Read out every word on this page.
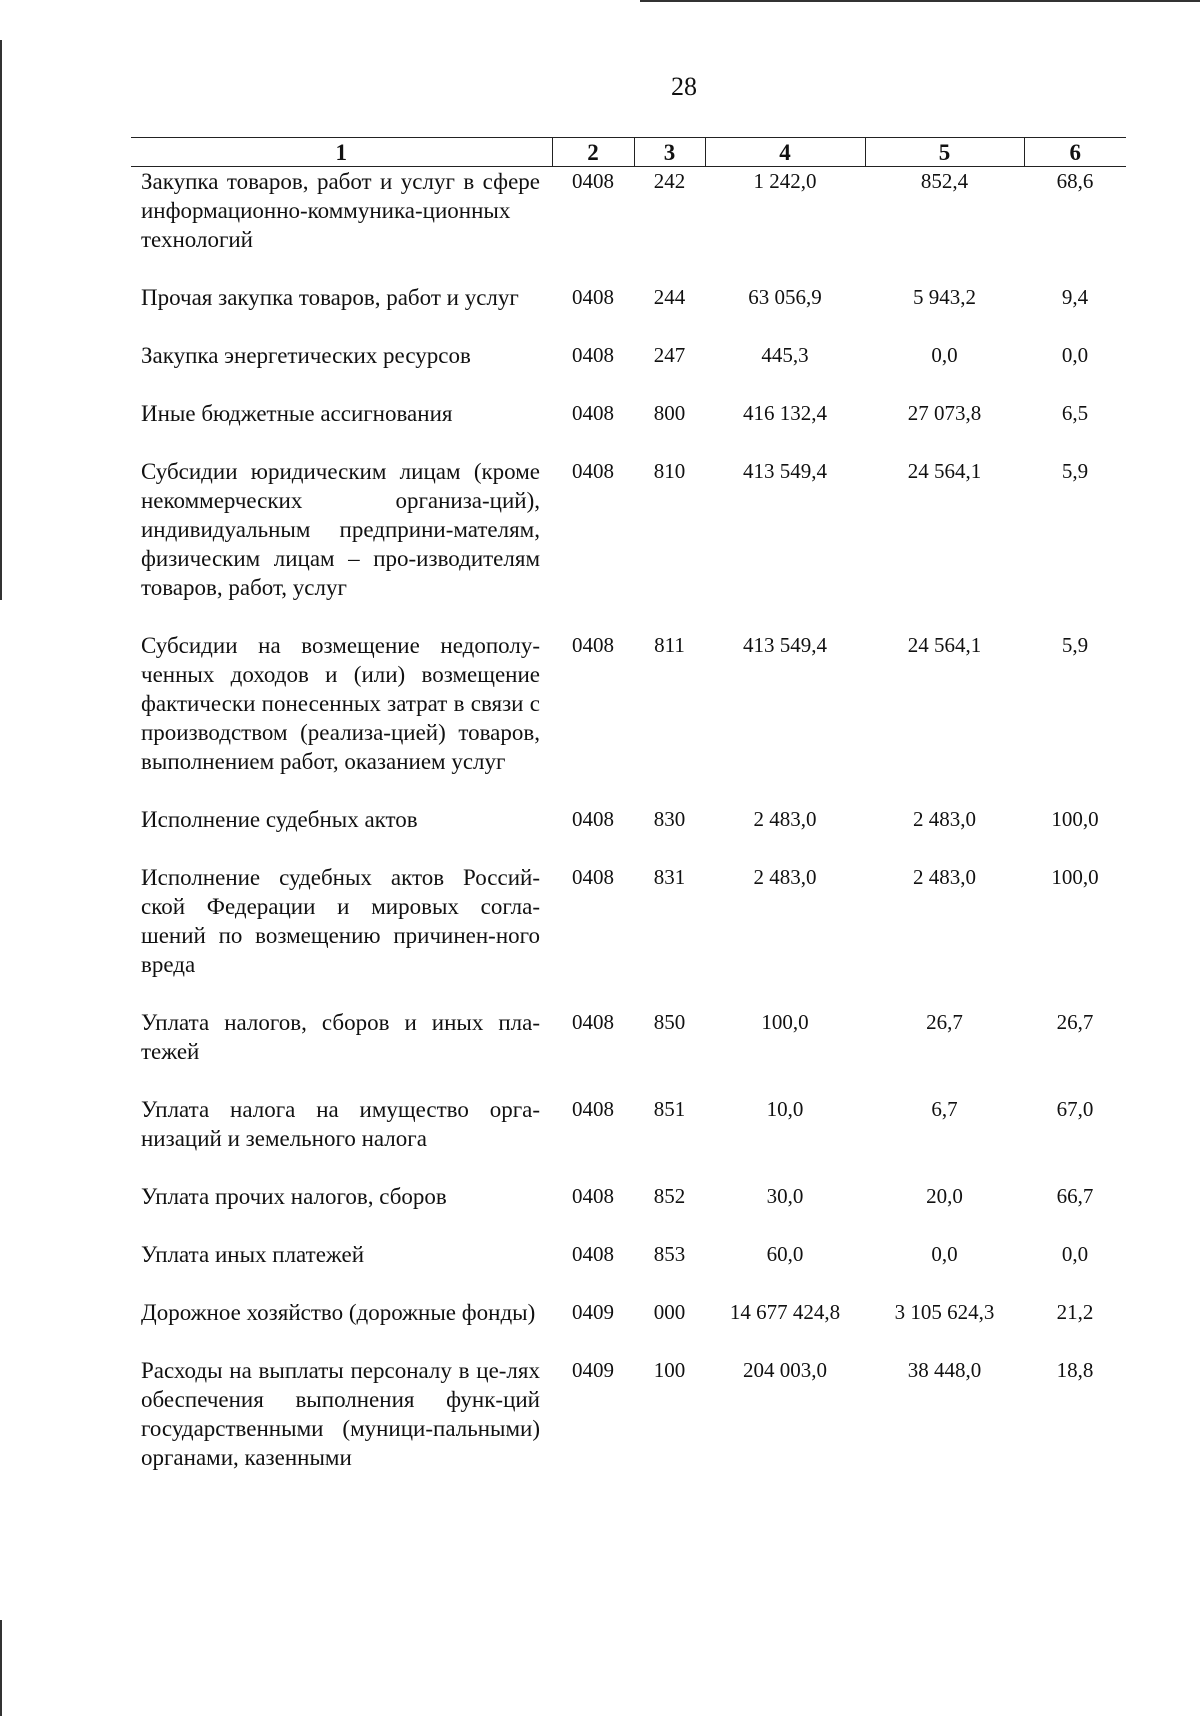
28
1	2	3	4	5	6
Закупка товаров, работ и услуг в сфере информационно-коммуника-ционных технологий	0408	242	1 242,0	852,4	68,6
Прочая закупка товаров, работ и услуг	0408	244	63 056,9	5 943,2	9,4
Закупка энергетических ресурсов	0408	247	445,3	0,0	0,0
Иные бюджетные ассигнования	0408	800	416 132,4	27 073,8	6,5
Субсидии юридическим лицам (кроме некоммерческих организа-ций), индивидуальным предприни-мателям, физическим лицам – про-изводителям товаров, работ, услуг	0408	810	413 549,4	24 564,1	5,9
Субсидии на возмещение недополу-ченных доходов и (или) возмещение фактически понесенных затрат в связи с производством (реализа-цией) товаров, выполнением работ, оказанием услуг	0408	811	413 549,4	24 564,1	5,9
Исполнение судебных актов	0408	830	2 483,0	2 483,0	100,0
Исполнение судебных актов Россий-ской Федерации и мировых согла-шений по возмещению причинен-ного вреда	0408	831	2 483,0	2 483,0	100,0
Уплата налогов, сборов и иных пла-тежей	0408	850	100,0	26,7	26,7
Уплата налога на имущество орга-низаций и земельного налога	0408	851	10,0	6,7	67,0
Уплата прочих налогов, сборов	0408	852	30,0	20,0	66,7
Уплата иных платежей	0408	853	60,0	0,0	0,0
Дорожное хозяйство (дорожные фонды)	0409	000	14 677 424,8	3 105 624,3	21,2
Расходы на выплаты персоналу в це-лях обеспечения выполнения функ-ций государственными (муници-пальными) органами, казенными	0409	100	204 003,0	38 448,0	18,8
